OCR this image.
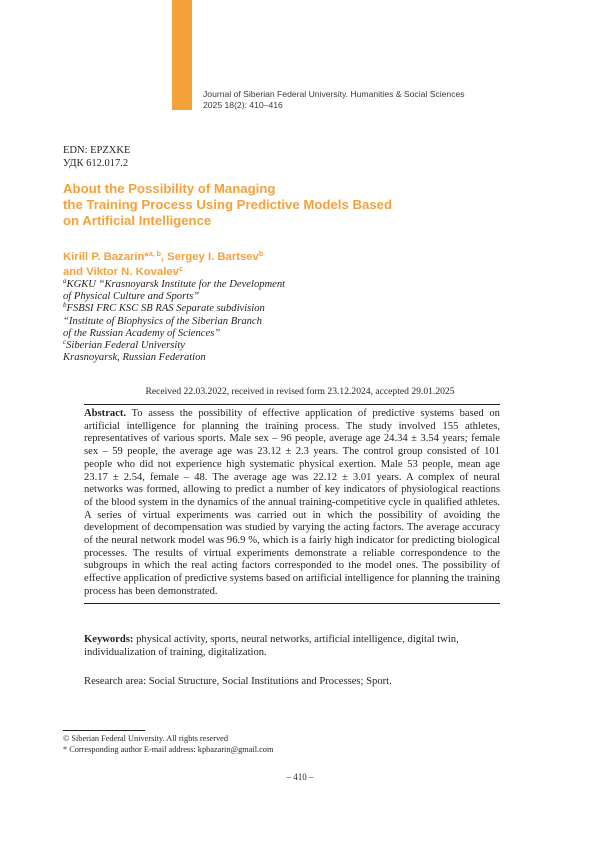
Journal of Siberian Federal University. Humanities & Social Sciences
2025 18(2): 410–416
EDN: EPZXKE
УДК 612.017.2
About the Possibility of Managing
the Training Process Using Predictive Models Based
on Artificial Intelligence
Kirill P. Bazarin*$^{a, b}$, Sergey I. Bartsev$^b$
and Viktor N. Kovalev$^c$
$^a$KGKU “Krasnoyarsk Institute for the Development
of Physical Culture and Sports”
$^b$FSBSI FRC KSC SB RAS Separate subdivision
“Institute of Biophysics of the Siberian Branch
of the Russian Academy of Sciences”
$^c$Siberian Federal University
Krasnoyarsk, Russian Federation
Received 22.03.2022, received in revised form 23.12.2024, accepted 29.01.2025

Abstract. To assess the possibility of effective application of predictive systems based on artificial intelligence for planning the training process. The study involved 155 athletes, representatives of various sports. Male sex – 96 people, average age 24.34 ± 3.54 years; female sex – 59 people, the average age was 23.12 ± 2.3 years. The control group consisted of 101 people who did not experience high systematic physical exertion. Male 53 people, mean age 23.17 ± 2.54, female – 48. The average age was 22.12 ± 3.01 years. A complex of neural networks was formed, allowing to predict a number of key indicators of physiological reactions of the blood system in the dynamics of the annual training-competitive cycle in qualified athletes. A series of virtual experiments was carried out in which the possibility of avoiding the development of decompensation was studied by varying the acting factors. The average accuracy of the neural network model was 96.9 %, which is a fairly high indicator for predicting biological processes. The results of virtual experiments demonstrate a reliable correspondence to the subgroups in which the real acting factors corresponded to the model ones. The possibility of effective application of predictive systems based on artificial intelligence for planning the training process has been demonstrated.

Keywords: physical activity, sports, neural networks, artificial intelligence, digital twin, individualization of training, digitalization.

Research area: Social Structure, Social Institutions and Processes; Sport.

© Siberian Federal University. All rights reserved
* Corresponding author E-mail address: kpbazarin@gmail.com
– 410 –
